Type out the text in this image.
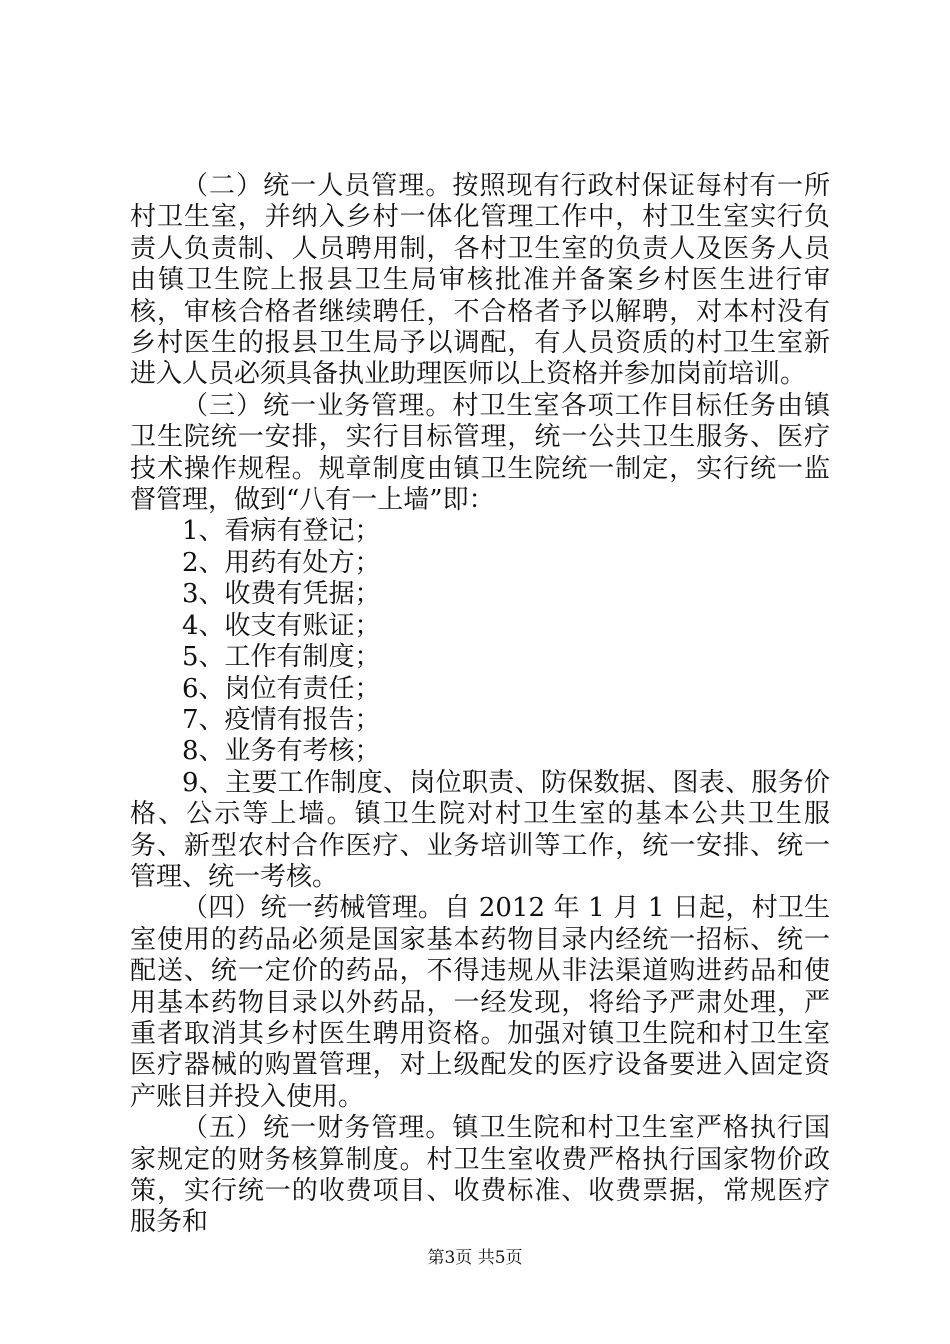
（二）统一人员管理。按照现有行政村保证每村有一所村卫生室，并纳入乡村一体化管理工作中，村卫生室实行负责人负责制、人员聘用制，各村卫生室的负责人及医务人员由镇卫生院上报县卫生局审核批准并备案乡村医生进行审核，审核合格者继续聘任，不合格者予以解聘，对本村没有乡村医生的报县卫生局予以调配，有人员资质的村卫生室新进入人员必须具备执业助理医师以上资格并参加岗前培训。

（三）统一业务管理。村卫生室各项工作目标任务由镇卫生院统一安排，实行目标管理，统一公共卫生服务、医疗技术操作规程。规章制度由镇卫生院统一制定，实行统一监督管理，做到“八有一上墙”即：

1、看病有登记；

2、用药有处方；

3、收费有凭据；

4、收支有账证；

5、工作有制度；

6、岗位有责任；

7、疫情有报告；

8、业务有考核；

9、主要工作制度、岗位职责、防保数据、图表、服务价格、公示等上墙。镇卫生院对村卫生室的基本公共卫生服务、新型农村合作医疗、业务培训等工作，统一安排、统一管理、统一考核。

（四）统一药械管理。自 2012 年 1 月 1 日起，村卫生室使用的药品必须是国家基本药物目录内经统一招标、统一配送、统一定价的药品，不得违规从非法渠道购进药品和使用基本药物目录以外药品，一经发现，将给予严肃处理，严重者取消其乡村医生聘用资格。加强对镇卫生院和村卫生室医疗器械的购置管理，对上级配发的医疗设备要进入固定资产账目并投入使用。

（五）统一财务管理。镇卫生院和村卫生室严格执行国家规定的财务核算制度。村卫生室收费严格执行国家物价政策，实行统一的收费项目、收费标准、收费票据，常规医疗服务和

第3页 共5页
